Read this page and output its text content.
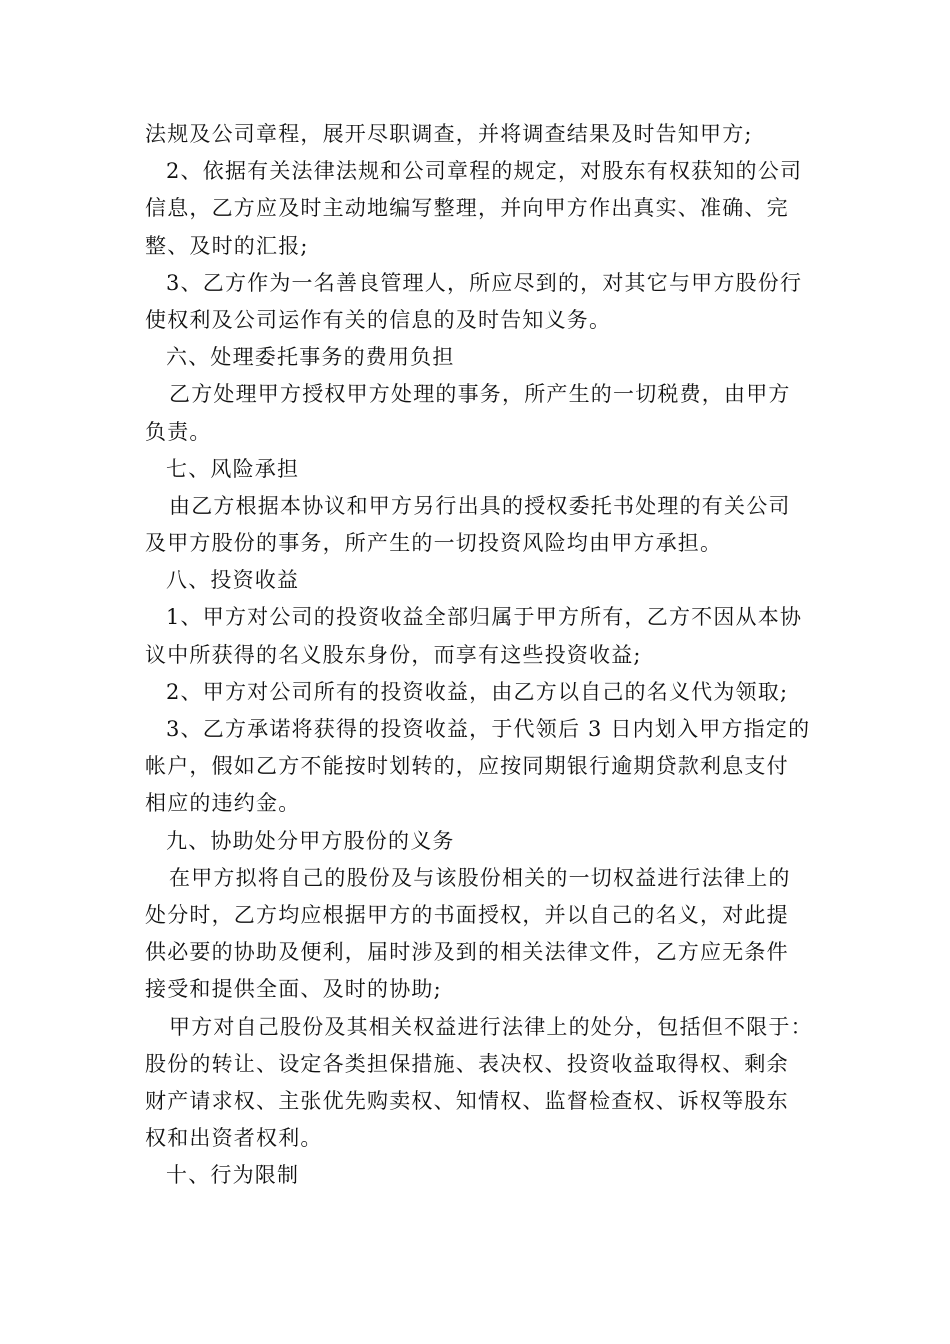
法规及公司章程，展开尽职调查，并将调查结果及时告知甲方;
2、依据有关法律法规和公司章程的规定，对股东有权获知的公司
信息，乙方应及时主动地编写整理，并向甲方作出真实、准确、完
整、及时的汇报;
3、乙方作为一名善良管理人，所应尽到的，对其它与甲方股份行
使权利及公司运作有关的信息的及时告知义务。
六、处理委托事务的费用负担
乙方处理甲方授权甲方处理的事务，所产生的一切税费，由甲方
负责。
七、风险承担
由乙方根据本协议和甲方另行出具的授权委托书处理的有关公司
及甲方股份的事务，所产生的一切投资风险均由甲方承担。
八、投资收益
1、甲方对公司的投资收益全部归属于甲方所有，乙方不因从本协
议中所获得的名义股东身份，而享有这些投资收益;
2、甲方对公司所有的投资收益，由乙方以自己的名义代为领取;
3、乙方承诺将获得的投资收益，于代领后 3 日内划入甲方指定的
帐户，假如乙方不能按时划转的，应按同期银行逾期贷款利息支付
相应的违约金。
九、协助处分甲方股份的义务
在甲方拟将自己的股份及与该股份相关的一切权益进行法律上的
处分时，乙方均应根据甲方的书面授权，并以自己的名义，对此提
供必要的协助及便利，届时涉及到的相关法律文件，乙方应无条件
接受和提供全面、及时的协助;
甲方对自己股份及其相关权益进行法律上的处分，包括但不限于：
股份的转让、设定各类担保措施、表决权、投资收益取得权、剩余
财产请求权、主张优先购卖权、知情权、监督检查权、诉权等股东
权和出资者权利。
十、行为限制
